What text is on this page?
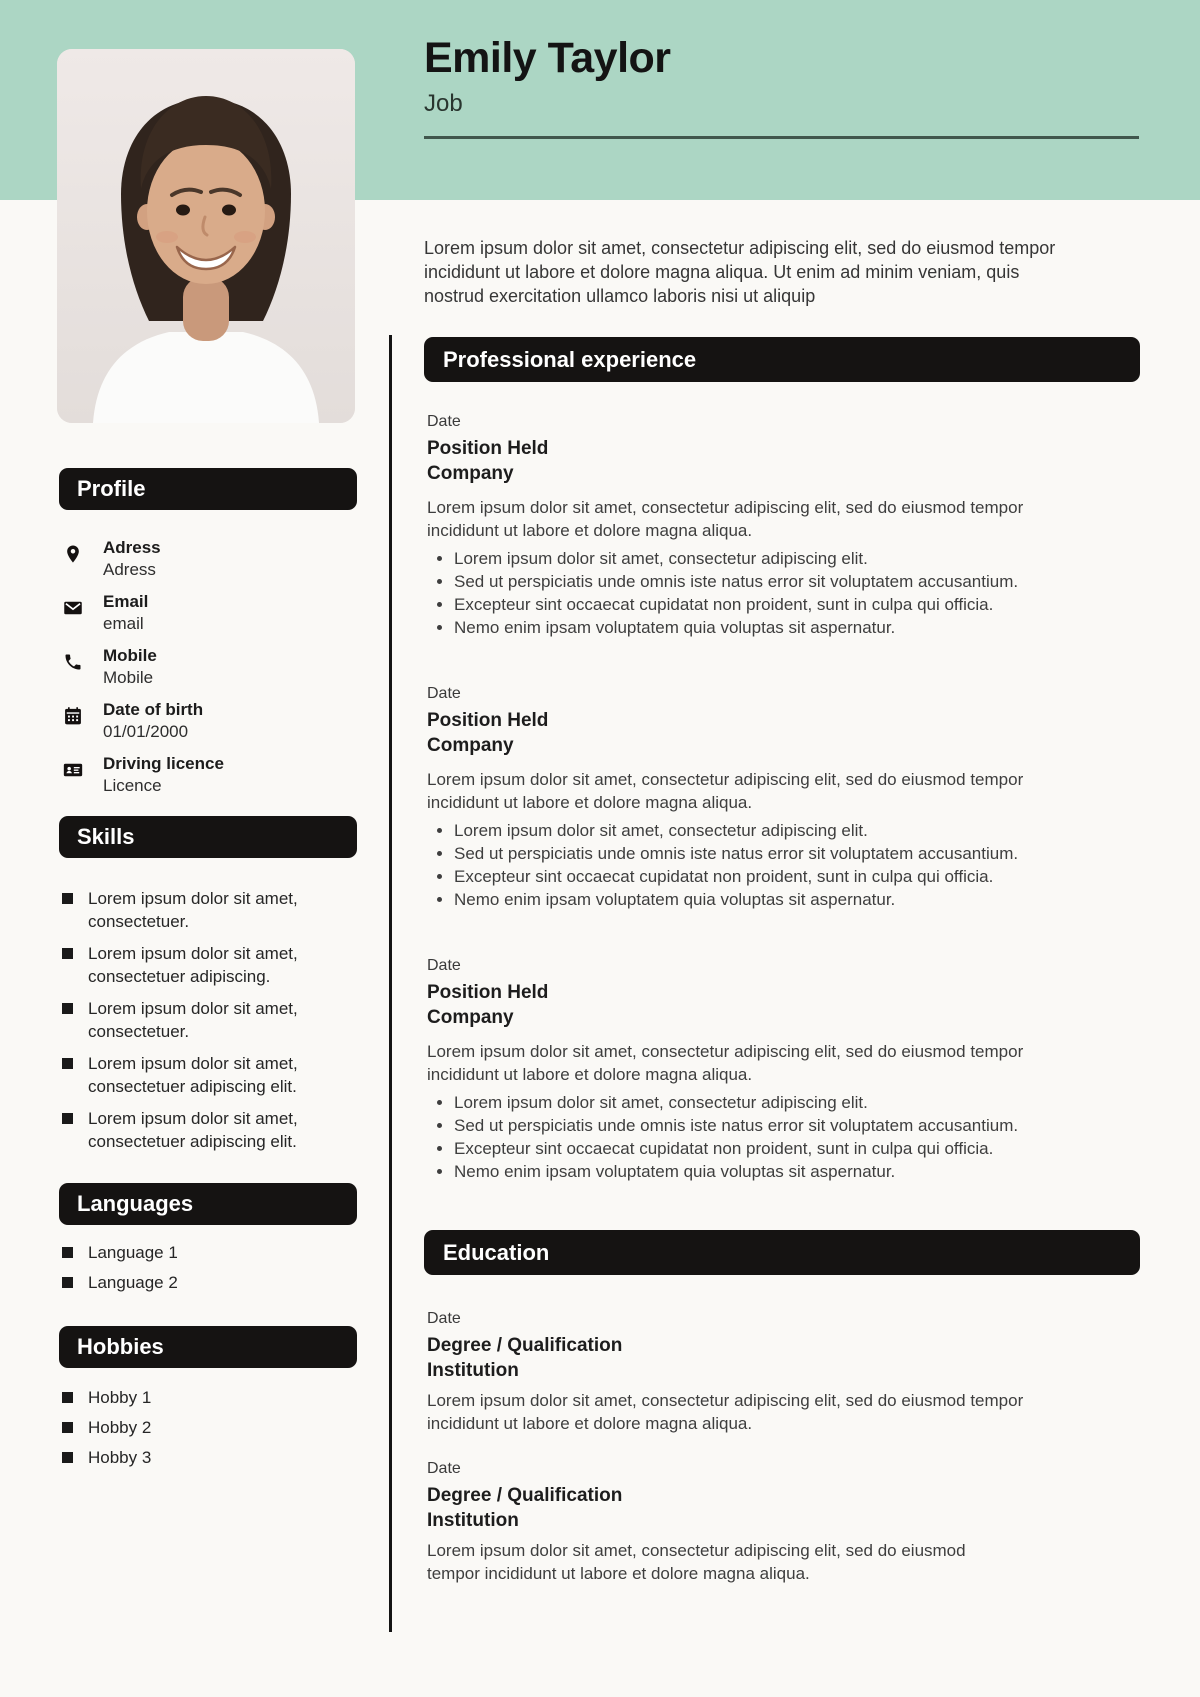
Emily Taylor
Job
Profile
Adress
Adress
Email
email
Mobile
Mobile
Date of birth
01/01/2000
Driving licence
Licence
Skills
Lorem ipsum dolor sit amet, consectetuer.
Lorem ipsum dolor sit amet, consectetuer adipiscing.
Lorem ipsum dolor sit amet, consectetuer.
Lorem ipsum dolor sit amet, consectetuer adipiscing elit.
Lorem ipsum dolor sit amet, consectetuer adipiscing elit.
Languages
Language 1
Language 2
Hobbies
Hobby 1
Hobby 2
Hobby 3

Lorem ipsum dolor sit amet, consectetur adipiscing elit, sed do eiusmod tempor incididunt ut labore et dolore magna aliqua. Ut enim ad minim veniam, quis nostrud exercitation ullamco laboris nisi ut aliquip

Professional experience
Date
Position Held
Company

Lorem ipsum dolor sit amet, consectetur adipiscing elit, sed do eiusmod tempor incididunt ut labore et dolore magna aliqua.

• Lorem ipsum dolor sit amet, consectetur adipiscing elit.
• Sed ut perspiciatis unde omnis iste natus error sit voluptatem accusantium.
• Excepteur sint occaecat cupidatat non proident, sunt in culpa qui officia.
• Nemo enim ipsam voluptatem quia voluptas sit aspernatur.
Date
Position Held
Company

Lorem ipsum dolor sit amet, consectetur adipiscing elit, sed do eiusmod tempor incididunt ut labore et dolore magna aliqua.

• Lorem ipsum dolor sit amet, consectetur adipiscing elit.
• Sed ut perspiciatis unde omnis iste natus error sit voluptatem accusantium.
• Excepteur sint occaecat cupidatat non proident, sunt in culpa qui officia.
• Nemo enim ipsam voluptatem quia voluptas sit aspernatur.
Date
Position Held
Company

Lorem ipsum dolor sit amet, consectetur adipiscing elit, sed do eiusmod tempor incididunt ut labore et dolore magna aliqua.

• Lorem ipsum dolor sit amet, consectetur adipiscing elit.
• Sed ut perspiciatis unde omnis iste natus error sit voluptatem accusantium.
• Excepteur sint occaecat cupidatat non proident, sunt in culpa qui officia.
• Nemo enim ipsam voluptatem quia voluptas sit aspernatur.
Education
Date
Degree / Qualification
Institution

Lorem ipsum dolor sit amet, consectetur adipiscing elit, sed do eiusmod tempor incididunt ut labore et dolore magna aliqua.

Date
Degree / Qualification
Institution

Lorem ipsum dolor sit amet, consectetur adipiscing elit, sed do eiusmod tempor incididunt ut labore et dolore magna aliqua.
